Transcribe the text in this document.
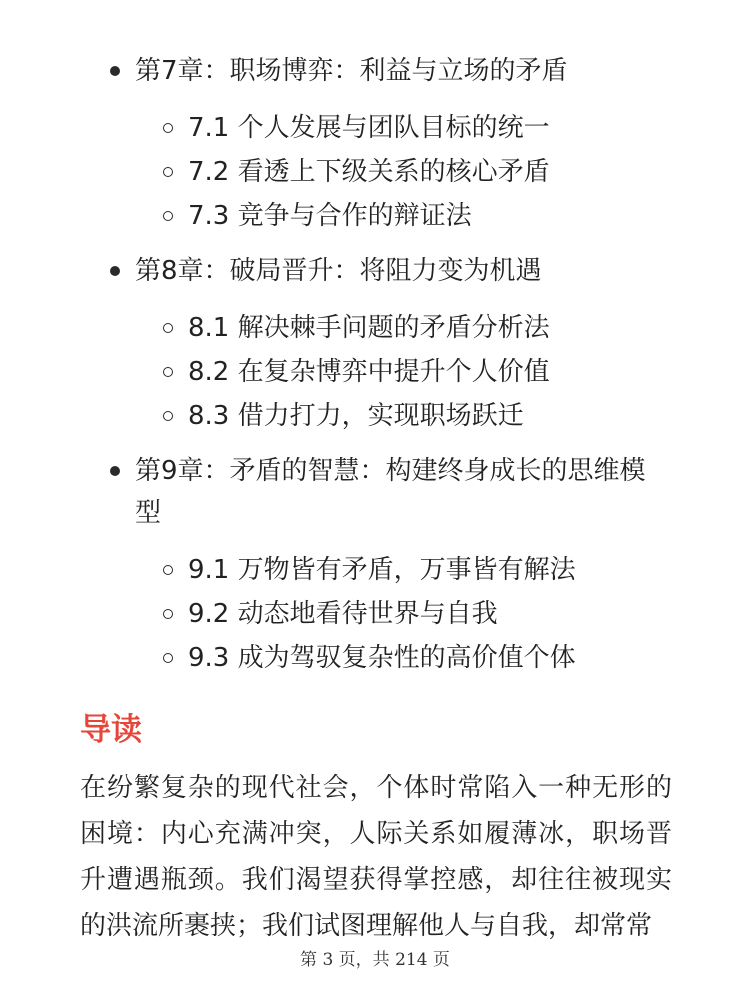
第7章：职场博弈：利益与立场的矛盾
7.1 个人发展与团队目标的统一
7.2 看透上下级关系的核心矛盾
7.3 竞争与合作的辩证法
第8章：破局晋升：将阻力变为机遇
8.1 解决棘手问题的矛盾分析法
8.2 在复杂博弈中提升个人价值
8.3 借力打力，实现职场跃迁
第9章：矛盾的智慧：构建终身成长的思维模型
9.1 万物皆有矛盾，万事皆有解法
9.2 动态地看待世界与自我
9.3 成为驾驭复杂性的高价值个体
导读

在纷繁复杂的现代社会，个体时常陷入一种无形的困境：内心充满冲突，人际关系如履薄冰，职场晋升遭遇瓶颈。我们渴望获得掌控感，却往往被现实的洪流所裹挟；我们试图理解他人与自我，却常常

第 3 页，共 214 页
